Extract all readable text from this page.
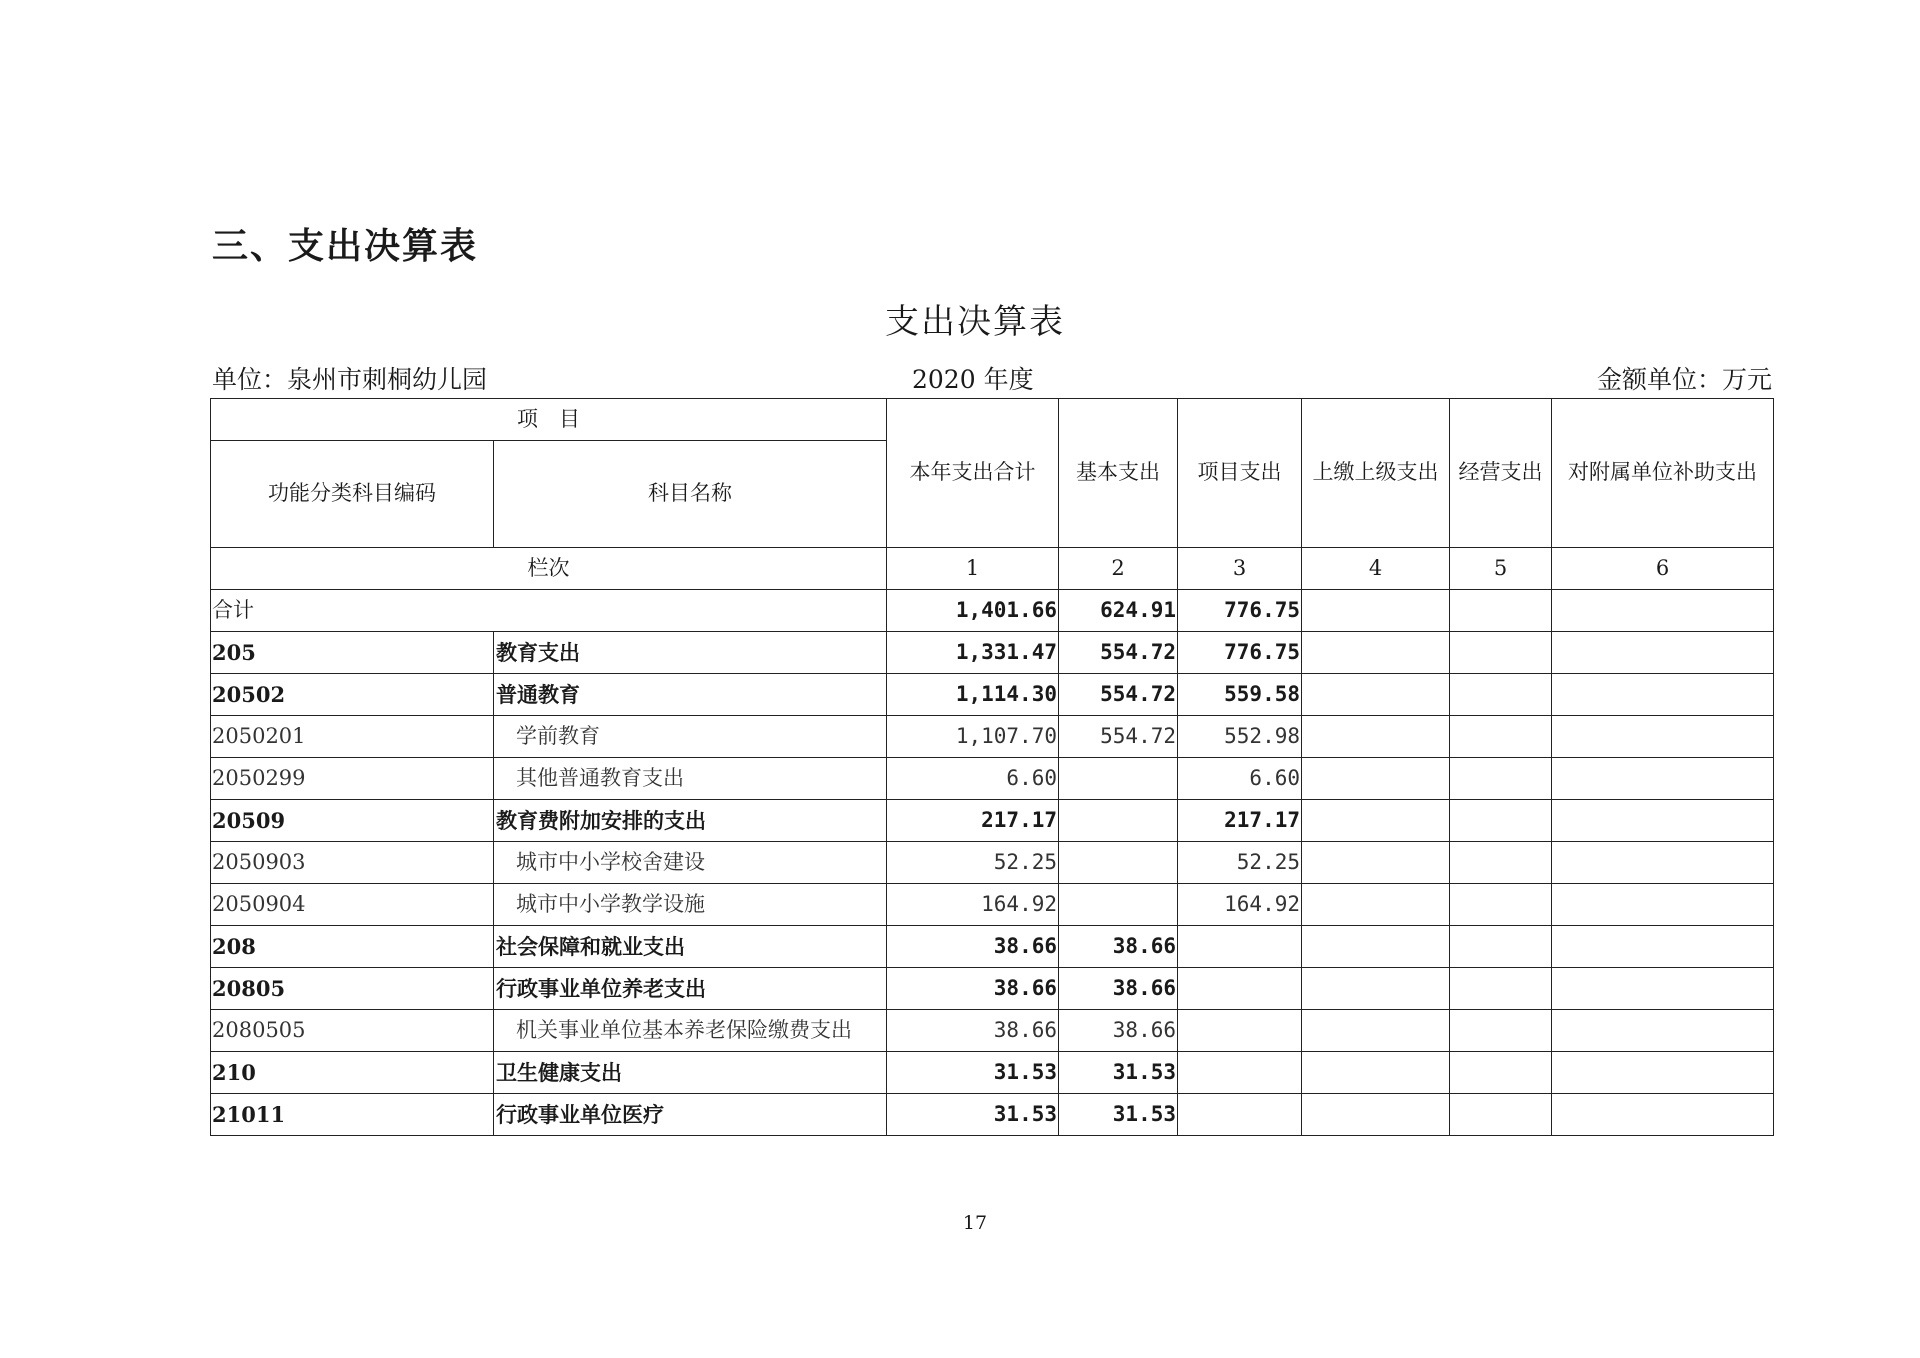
三、支出决算表
支出决算表
单位：泉州市刺桐幼儿园	2020 年度	金额单位：万元
项　目		本年支出合计	基本支出	项目支出	上缴上级支出	经营支出	对附属单位补助支出
功能分类科目编码	科目名称						
栏次		1	2	3	4	5	6
合计		1,401.66	624.91	776.75			
205	教育支出	1,331.47	554.72	776.75			
20502	普通教育	1,114.30	554.72	559.58			
2050201	学前教育	1,107.70	554.72	552.98			
2050299	其他普通教育支出	6.60		6.60			
20509	教育费附加安排的支出	217.17		217.17			
2050903	城市中小学校舍建设	52.25		52.25			
2050904	城市中小学教学设施	164.92		164.92			
208	社会保障和就业支出	38.66	38.66				
20805	行政事业单位养老支出	38.66	38.66				
2080505	机关事业单位基本养老保险缴费支出	38.66	38.66				
210	卫生健康支出	31.53	31.53				
21011	行政事业单位医疗	31.53	31.53				
17
